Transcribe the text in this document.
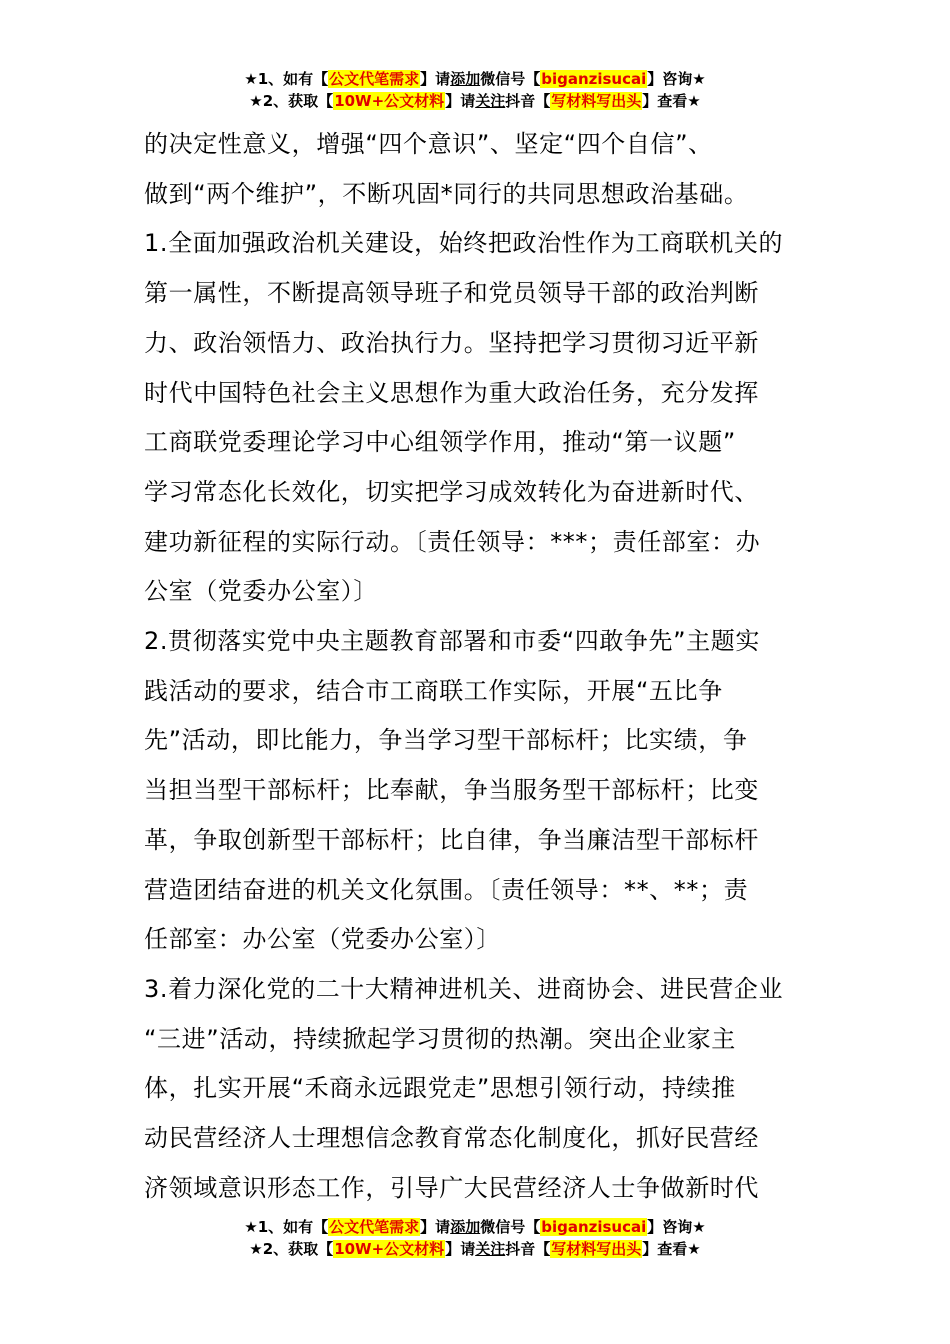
★1、如有【公文代笔需求】请添加微信号【biganzisucai】咨询★
★2、获取【10W+公文材料】请关注抖音【写材料写出头】查看★

的决定性意义，增强“四个意识”、坚定“四个自信”、
做到“两个维护”，不断巩固*同行的共同思想政治基础。

1.全面加强政治机关建设，始终把政治性作为工商联机关的
第一属性，不断提高领导班子和党员领导干部的政治判断
力、政治领悟力、政治执行力。坚持把学习贯彻习近平新
时代中国特色社会主义思想作为重大政治任务，充分发挥
工商联党委理论学习中心组领学作用，推动“第一议题”
学习常态化长效化，切实把学习成效转化为奋进新时代、
建功新征程的实际行动。〔责任领导：***；责任部室：办
公室（党委办公室）〕

2.贯彻落实党中央主题教育部署和市委“四敢争先”主题实
践活动的要求，结合市工商联工作实际，开展“五比争
先”活动，即比能力，争当学习型干部标杆；比实绩，争
当担当型干部标杆；比奉献，争当服务型干部标杆；比变
革，争取创新型干部标杆；比自律，争当廉洁型干部标杆
营造团结奋进的机关文化氛围。〔责任领导：**、**；责
任部室：办公室（党委办公室）〕

3.着力深化党的二十大精神进机关、进商协会、进民营企业
“三进”活动，持续掀起学习贯彻的热潮。突出企业家主
体，扎实开展“禾商永远跟党走”思想引领行动，持续推
动民营经济人士理想信念教育常态化制度化，抓好民营经
济领域意识形态工作，引导广大民营经济人士争做新时代

★1、如有【公文代笔需求】请添加微信号【biganzisucai】咨询★
★2、获取【10W+公文材料】请关注抖音【写材料写出头】查看★
